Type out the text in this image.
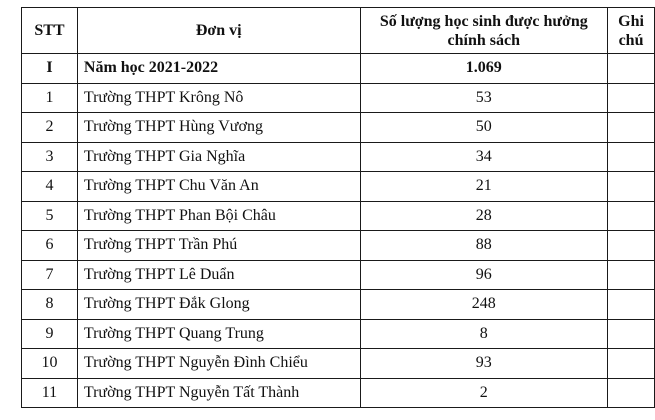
STT	Đơn vị	Số lượng học sinh được hưởng chính sách	Ghi chú
I	Năm học 2021-2022	1.069	
1	Trường THPT Krông Nô	53	
2	Trường THPT Hùng Vương	50	
3	Trường THPT Gia Nghĩa	34	
4	Trường THPT Chu Văn An	21	
5	Trường THPT Phan Bội Châu	28	
6	Trường THPT Trần Phú	88	
7	Trường THPT Lê Duẩn	96	
8	Trường THPT Đắk Glong	248	
9	Trường THPT Quang Trung	8	
10	Trường THPT Nguyễn Đình Chiểu	93	
11	Trường THPT Nguyễn Tất Thành	2	
